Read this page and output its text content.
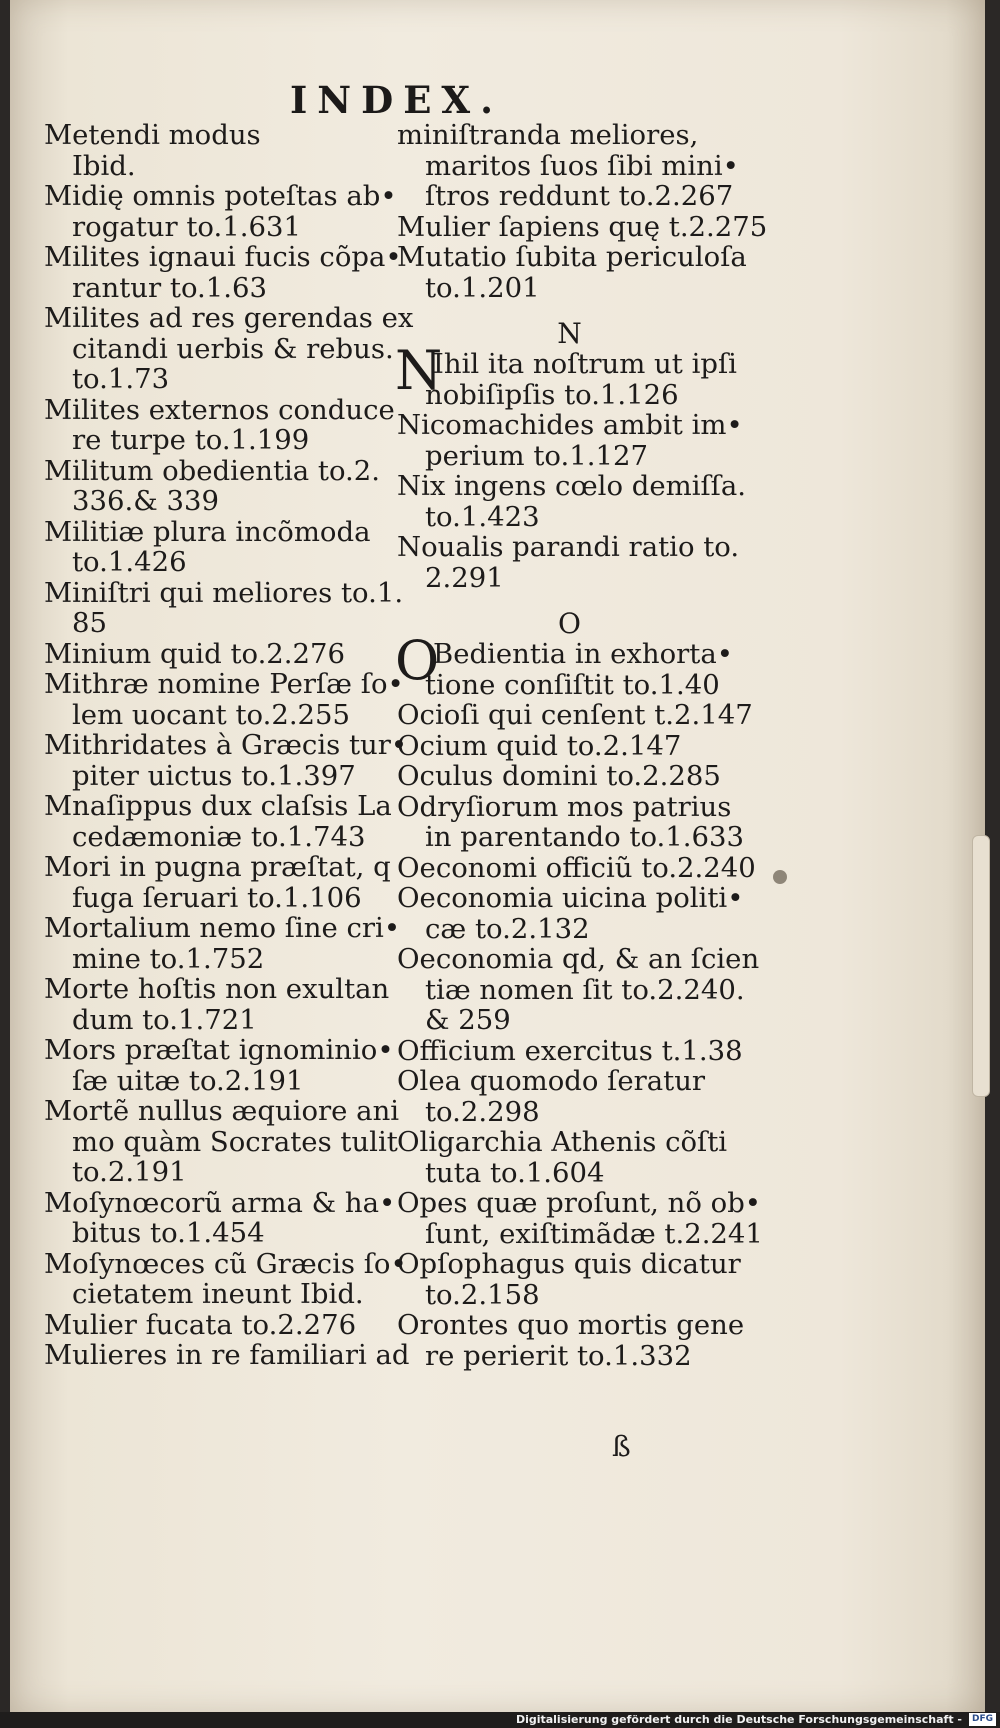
INDEX.
Metendi modus
Ibid.
Midię omnis poteſtas ab•
rogatur to.1.631
Milites ignaui fucis cõpa•
rantur to.1.63
Milites ad res gerendas ex
citandi uerbis & rebus.
to.1.73
Milites externos conduce
re turpe to.1.199
Militum obedientia to.2.
336.& 339
Militiæ plura incõmoda
to.1.426
Miniſtri qui meliores to.1.
85
Minium quid to.2.276
Mithræ nomine Perſæ ſo•
lem uocant to.2.255
Mithridates à Græcis tur•
piter uictus to.1.397
Mnaſippus dux claſsis La
cedæmoniæ to.1.743
Mori in pugna præſtat, q
fuga ſeruari to.1.106
Mortalium nemo ſine cri•
mine to.1.752
Morte hoſtis non exultan
dum to.1.721
Mors præſtat ignominio•
ſæ uitæ to.2.191
Mortẽ nullus æquiore ani
mo quàm Socrates tulit
to.2.191
Moſynœcorũ arma & ha•
bitus to.1.454
Moſynœces cũ Græcis ſo•
cietatem ineunt Ibid.
Mulier fucata to.2.276
Mulieres in re familiari ad
miniſtranda meliores,
maritos ſuos ſibi mini•
ſtros reddunt to.2.267
Mulier ſapiens quę t.2.275
Mutatio ſubita periculoſa
to.1.201
N
N
Ihil ita noſtrum ut ipſi
nobiſipſis to.1.126
Nicomachides ambit im•
perium to.1.127
Nix ingens cœlo demiſſa.
to.1.423
Noualis parandi ratio to.
2.291
O
O
Bedientia in exhorta•
tione conſiſtit to.1.40
Ocioſi qui cenſent t.2.147
Ocium quid to.2.147
Oculus domini to.2.285
Odryſiorum mos patrius
in parentando to.1.633
Oeconomi officiũ to.2.240
Oeconomia uicina politi•
cæ to.2.132
Oeconomia qd, & an ſcien
tiæ nomen ſit to.2.240.
& 259
Officium exercitus t.1.38
Olea quomodo ſeratur
to.2.298
Oligarchia Athenis cõſti
tuta to.1.604
Opes quæ proſunt, nõ ob•
ſunt, exiſtimãdæ t.2.241
Opſophagus quis dicatur
to.2.158
Orontes quo mortis gene
re perierit to.1.332
ß
Digitalisierung gefördert durch die Deutsche Forschungsgemeinschaft -	DFG
